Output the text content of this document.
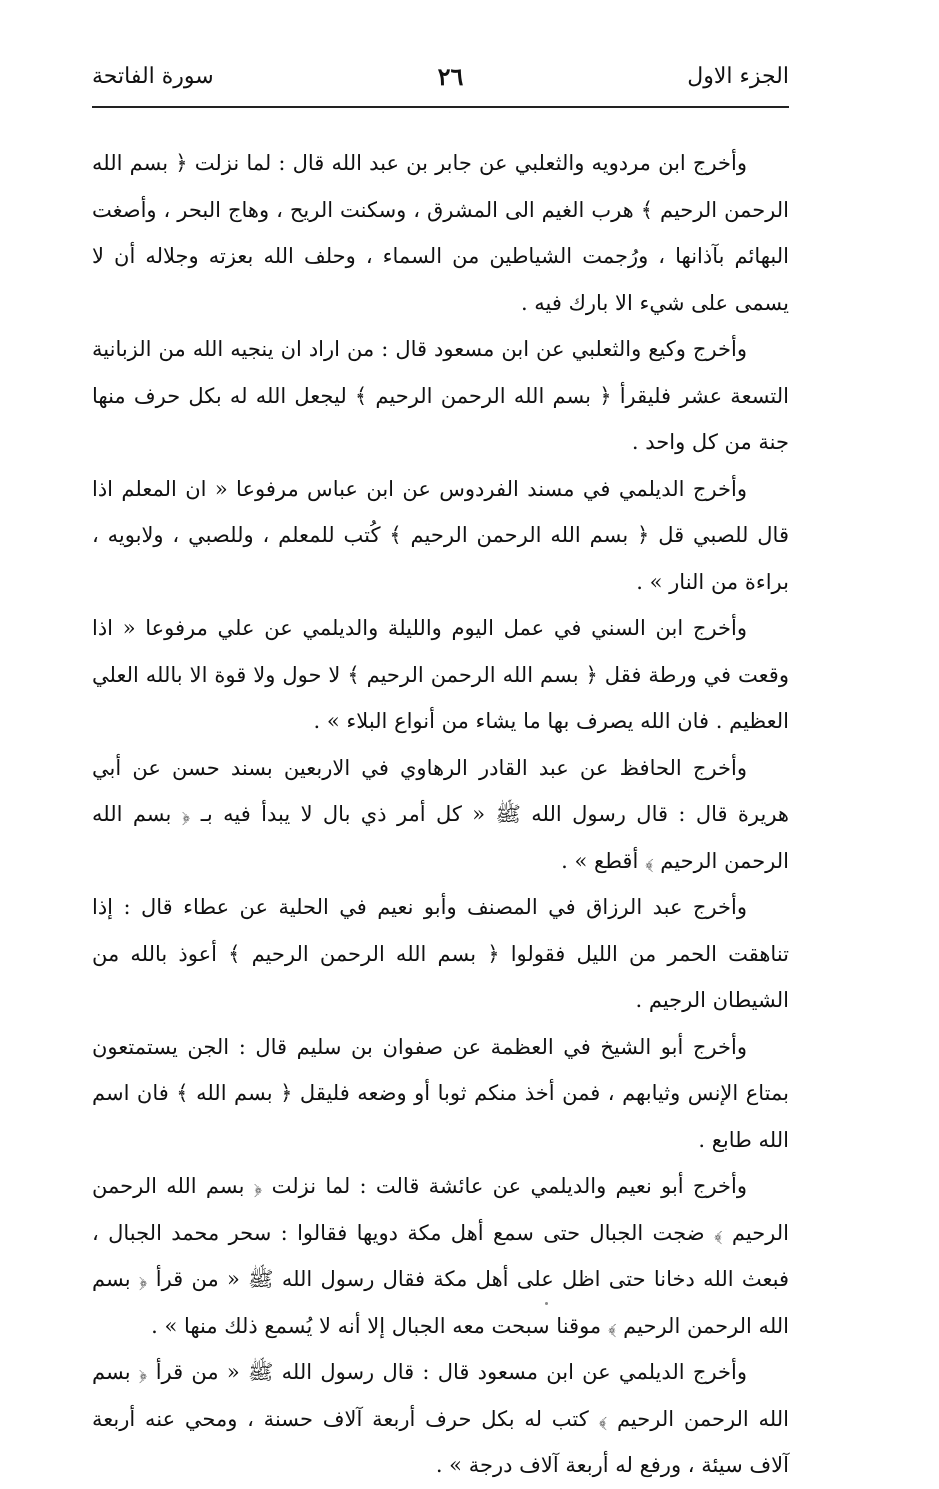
الجزء الاول
٢٦
سورة الفاتحة

وأخرج ابن مردويه والثعلبي عن جابر بن عبد الله قال : لما نزلت ﴿ بسم الله الرحمن الرحيم ﴾ هرب الغيم الى المشرق ، وسكنت الريح ، وهاج البحر ، وأصغت البهائم بآذانها ، ورُجمت الشياطين من السماء ، وحلف الله بعزته وجلاله أن لا يسمى على شيء الا بارك فيه .

وأخرج وكيع والثعلبي عن ابن مسعود قال : من اراد ان ينجيه الله من الزبانية التسعة عشر فليقرأ ﴿ بسم الله الرحمن الرحيم ﴾ ليجعل الله له بكل حرف منها جنة من كل واحد .

وأخرج الديلمي في مسند الفردوس عن ابن عباس مرفوعا « ان المعلم اذا قال للصبي قل ﴿ بسم الله الرحمن الرحيم ﴾ كُتب للمعلم ، وللصبي ، ولابويه ، براءة من النار » .

وأخرج ابن السني في عمل اليوم والليلة والديلمي عن علي مرفوعا « اذا وقعت في ورطة فقل ﴿ بسم الله الرحمن الرحيم ﴾ لا حول ولا قوة الا بالله العلي العظيم . فان الله يصرف بها ما يشاء من أنواع البلاء » .

وأخرج الحافظ عن عبد القادر الرهاوي في الاربعين بسند حسن عن أبي هريرة قال : قال رسول الله ﷺ « كل أمر ذي بال لا يبدأ فيه بـ ﴿ بسم الله الرحمن الرحيم ﴾ أقطع » .

وأخرج عبد الرزاق في المصنف وأبو نعيم في الحلية عن عطاء قال : إذا تناهقت الحمر من الليل فقولوا ﴿ بسم الله الرحمن الرحيم ﴾ أعوذ بالله من الشيطان الرجيم .

وأخرج أبو الشيخ في العظمة عن صفوان بن سليم قال : الجن يستمتعون بمتاع الإنس وثيابهم ، فمن أخذ منكم ثوبا أو وضعه فليقل ﴿ بسم الله ﴾ فان اسم الله طابع .

وأخرج أبو نعيم والديلمي عن عائشة قالت : لما نزلت ﴿ بسم الله الرحمن الرحيم ﴾ ضجت الجبال حتى سمع أهل مكة دويها فقالوا : سحر محمد الجبال ، فبعث الله دخانا حتى اظل على أهل مكة فقال رسول الله ﷺ « من قرأ ﴿ بسم الله الرحمن الرحيم ﴾ موقنا سبحت معه الجبال إلا أنه لا يُسمع ذلك منها » .

وأخرج الديلمي عن ابن مسعود قال : قال رسول الله ﷺ « من قرأ ﴿ بسم الله الرحمن الرحيم ﴾ كتب له بكل حرف أربعة آلاف حسنة ، ومحي عنه أربعة آلاف سيئة ، ورفع له أربعة آلاف درجة » .
